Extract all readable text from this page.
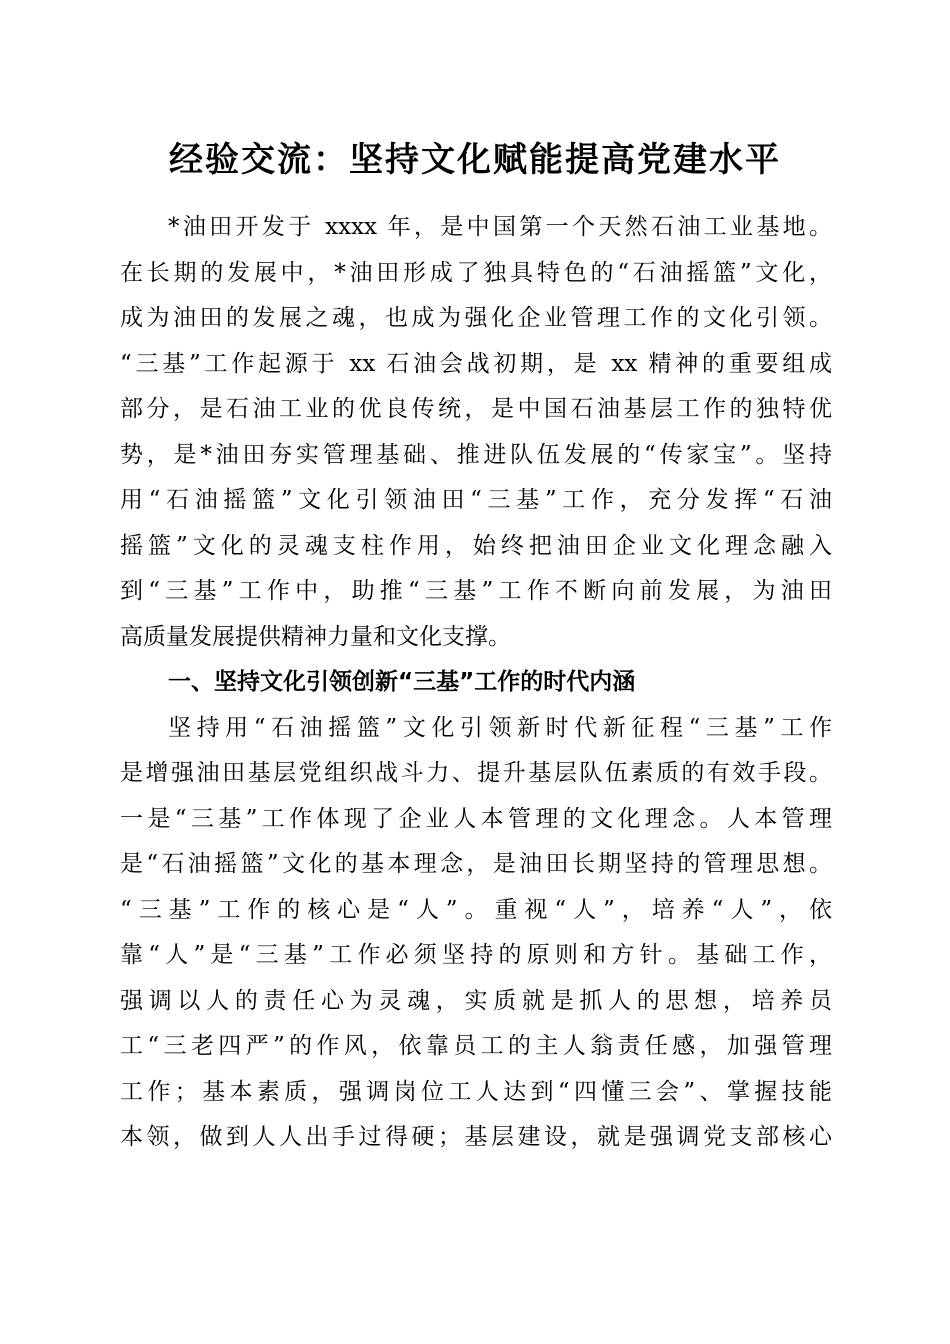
经验交流：坚持文化赋能提高党建水平
*油田开发于 xxxx 年，是中国第一个天然石油工业基地。
在长期的发展中，*油田形成了独具特色的“石油摇篮”文化，
成为油田的发展之魂，也成为强化企业管理工作的文化引领。
“三基”工作起源于 xx 石油会战初期，是 xx 精神的重要组成
部分，是石油工业的优良传统，是中国石油基层工作的独特优
势，是*油田夯实管理基础、推进队伍发展的“传家宝”。坚持
用“石油摇篮”文化引领油田“三基”工作，充分发挥“石油
摇篮”文化的灵魂支柱作用，始终把油田企业文化理念融入
到“三基”工作中，助推“三基”工作不断向前发展，为油田
高质量发展提供精神力量和文化支撑。
一、坚持文化引领创新“三基”工作的时代内涵
坚持用“石油摇篮”文化引领新时代新征程“三基”工作
是增强油田基层党组织战斗力、提升基层队伍素质的有效手段。
一是“三基”工作体现了企业人本管理的文化理念。人本管理
是“石油摇篮”文化的基本理念，是油田长期坚持的管理思想。
“三基”工作的核心是“人”。重视“人”，培养“人”，依
靠“人”是“三基”工作必须坚持的原则和方针。基础工作，
强调以人的责任心为灵魂，实质就是抓人的思想，培养员
工“三老四严”的作风，依靠员工的主人翁责任感，加强管理
工作；基本素质，强调岗位工人达到“四懂三会”、掌握技能
本领，做到人人出手过得硬；基层建设，就是强调党支部核心
